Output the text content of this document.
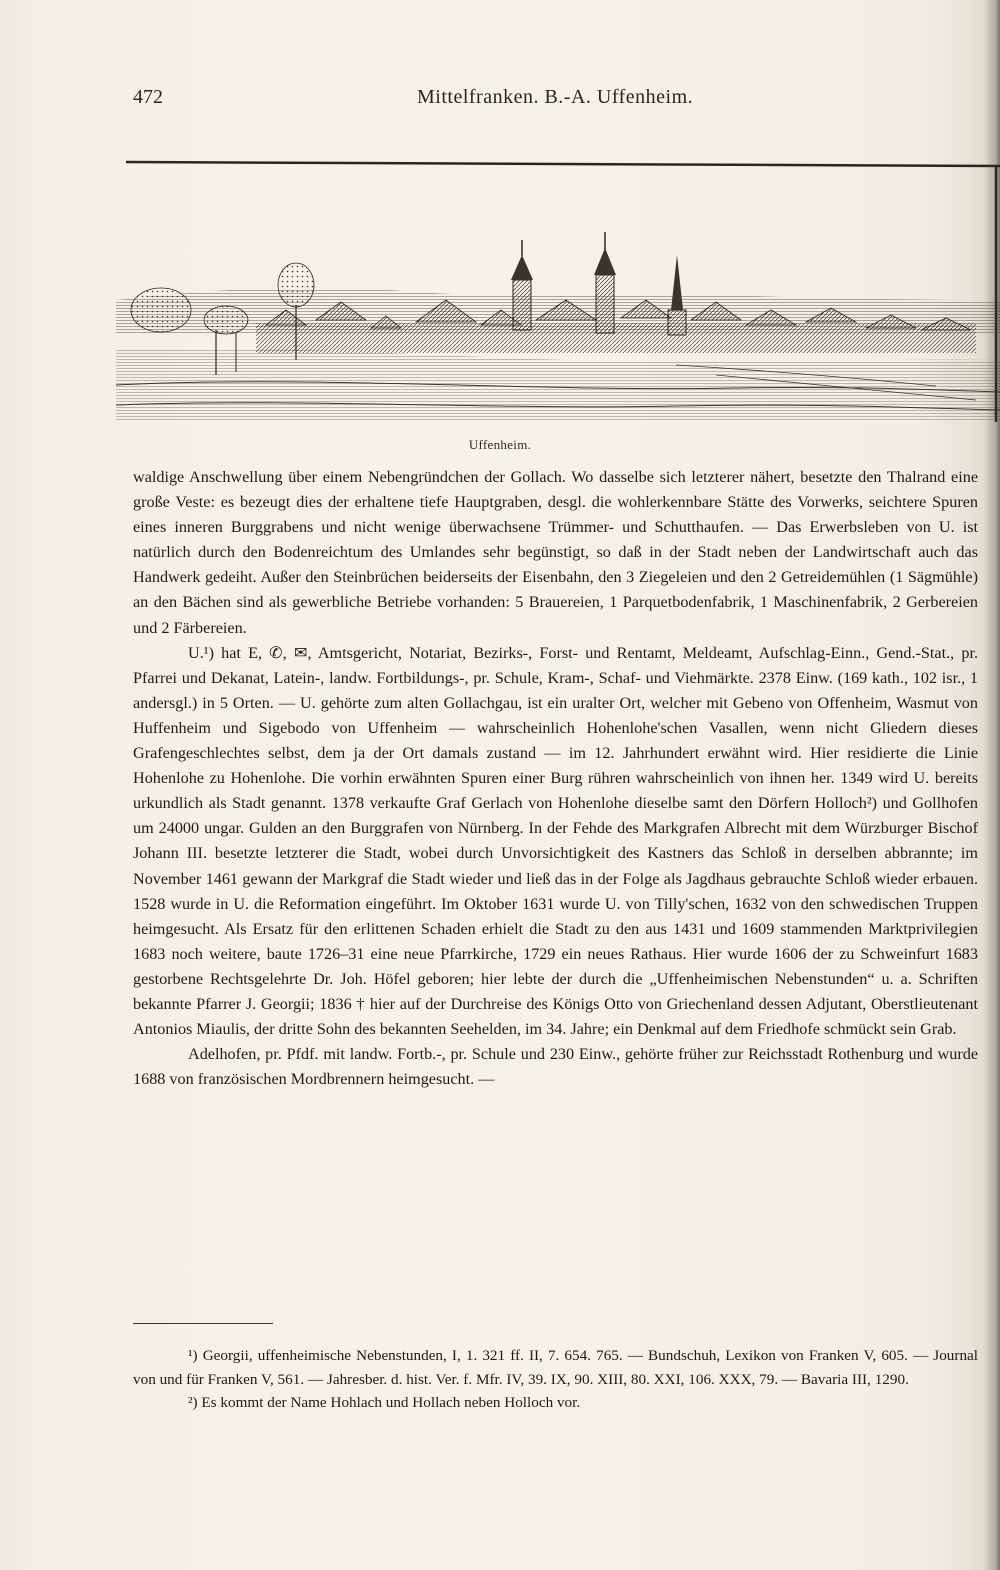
472	Mittelfranken. B.-A. Uffenheim.
Uffenheim.

waldige Anschwellung über einem Nebengründchen der Gollach. Wo dasselbe sich letzterer nähert, besetzte den Thalrand eine große Veste: es bezeugt dies der erhaltene tiefe Hauptgraben, desgl. die wohlerkennbare Stätte des Vorwerks, seichtere Spuren eines inneren Burggrabens und nicht wenige überwachsene Trümmer- und Schutthaufen. — Das Erwerbsleben von U. ist natürlich durch den Bodenreichtum des Umlandes sehr begünstigt, so daß in der Stadt neben der Landwirtschaft auch das Handwerk gedeiht. Außer den Steinbrüchen beiderseits der Eisenbahn, den 3 Ziegeleien und den 2 Getreidemühlen (1 Sägmühle) an den Bächen sind als gewerbliche Betriebe vorhanden: 5 Brauereien, 1 Parquetbodenfabrik, 1 Maschinenfabrik, 2 Gerbereien und 2 Färbereien.

U.¹) hat E, ✆, ✉, Amtsgericht, Notariat, Bezirks-, Forst- und Rentamt, Meldeamt, Aufschlag-Einn., Gend.-Stat., pr. Pfarrei und Dekanat, Latein-, landw. Fortbildungs-, pr. Schule, Kram-, Schaf- und Viehmärkte. 2378 Einw. (169 kath., 102 isr., 1 andersgl.) in 5 Orten. — U. gehörte zum alten Gollachgau, ist ein uralter Ort, welcher mit Gebeno von Offenheim, Wasmut von Huffenheim und Sigebodo von Uffenheim — wahrscheinlich Hohenlohe'schen Vasallen, wenn nicht Gliedern dieses Grafengeschlechtes selbst, dem ja der Ort damals zustand — im 12. Jahrhundert erwähnt wird. Hier residierte die Linie Hohenlohe zu Hohenlohe. Die vorhin erwähnten Spuren einer Burg rühren wahrscheinlich von ihnen her. 1349 wird U. bereits urkundlich als Stadt genannt. 1378 verkaufte Graf Gerlach von Hohenlohe dieselbe samt den Dörfern Holloch²) und Gollhofen um 24000 ungar. Gulden an den Burggrafen von Nürnberg. In der Fehde des Markgrafen Albrecht mit dem Würzburger Bischof Johann III. besetzte letzterer die Stadt, wobei durch Unvorsichtigkeit des Kastners das Schloß in derselben abbrannte; im November 1461 gewann der Markgraf die Stadt wieder und ließ das in der Folge als Jagdhaus gebrauchte Schloß wieder erbauen. 1528 wurde in U. die Reformation eingeführt. Im Oktober 1631 wurde U. von Tilly'schen, 1632 von den schwedischen Truppen heimgesucht. Als Ersatz für den erlittenen Schaden erhielt die Stadt zu den aus 1431 und 1609 stammenden Marktprivilegien 1683 noch weitere, baute 1726–31 eine neue Pfarrkirche, 1729 ein neues Rathaus. Hier wurde 1606 der zu Schweinfurt 1683 gestorbene Rechtsgelehrte Dr. Joh. Höfel geboren; hier lebte der durch die „Uffenheimischen Nebenstunden“ u. a. Schriften bekannte Pfarrer J. Georgii; 1836 † hier auf der Durchreise des Königs Otto von Griechenland dessen Adjutant, Oberstlieutenant Antonios Miaulis, der dritte Sohn des bekannten Seehelden, im 34. Jahre; ein Denkmal auf dem Friedhofe schmückt sein Grab.

Adelhofen, pr. Pfdf. mit landw. Fortb.-, pr. Schule und 230 Einw., gehörte früher zur Reichsstadt Rothenburg und wurde 1688 von französischen Mordbrennern heimgesucht. —

¹) Georgii, uffenheimische Nebenstunden, I, 1. 321 ff. II, 7. 654. 765. — Bundschuh, Lexikon von Franken V, 605. — Journal von und für Franken V, 561. — Jahresber. d. hist. Ver. f. Mfr. IV, 39. IX, 90. XIII, 80. XXI, 106. XXX, 79. — Bavaria III, 1290.

²) Es kommt der Name Hohlach und Hollach neben Holloch vor.
